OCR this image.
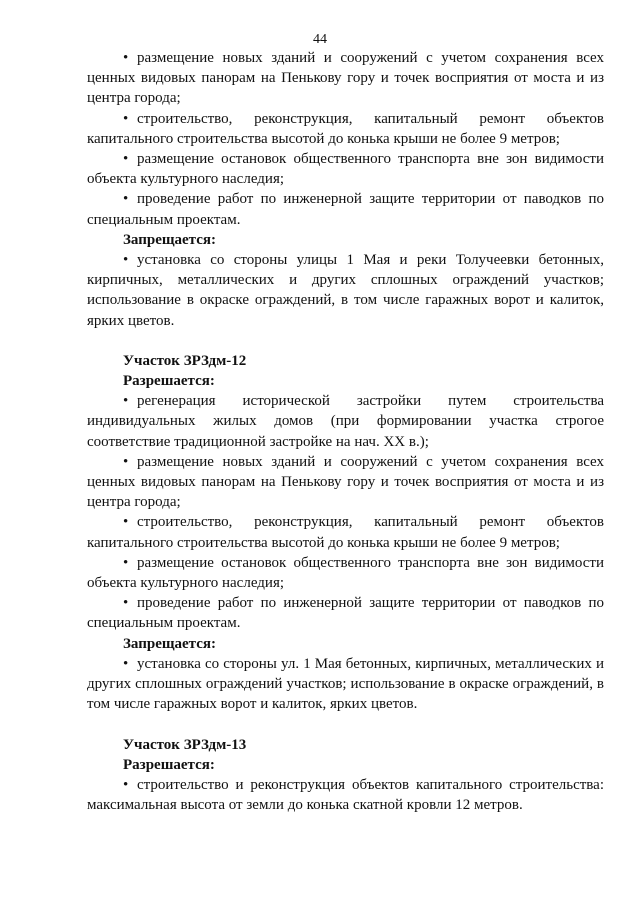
44

• размещение новых зданий и сооружений с учетом сохранения всех ценных видовых панорам на Пенькову гору и точек восприятия от моста и из центра города;

• строительство, реконструкция, капитальный ремонт объектов капитального строительства высотой до конька крыши не более 9 метров;

• размещение остановок общественного транспорта вне зон видимости объекта культурного наследия;

• проведение работ по инженерной защите территории от паводков по специальным проектам.

Запрещается:

• установка со стороны улицы 1 Мая и реки Толучеевки бетонных, кирпичных, металлических и других сплошных ограждений участков; использование в окраске ограждений, в том числе гаражных ворот и калиток, ярких цветов.

Участок ЗРЗдм-12

Разрешается:

• регенерация исторической застройки путем строительства индивидуальных жилых домов (при формировании участка строгое соответствие традиционной застройке на нач. XX в.);

• размещение новых зданий и сооружений с учетом сохранения всех ценных видовых панорам на Пенькову гору и точек восприятия от моста и из центра города;

• строительство, реконструкция, капитальный ремонт объектов капитального строительства высотой до конька крыши не более 9 метров;

• размещение остановок общественного транспорта вне зон видимости объекта культурного наследия;

• проведение работ по инженерной защите территории от паводков по специальным проектам.

Запрещается:

• установка со стороны ул. 1 Мая бетонных, кирпичных, металлических и других сплошных ограждений участков; использование в окраске ограждений, в том числе гаражных ворот и калиток, ярких цветов.

Участок ЗРЗдм-13

Разрешается:

• строительство и реконструкция объектов капитального строительства: максимальная высота от земли до конька скатной кровли 12 метров.
